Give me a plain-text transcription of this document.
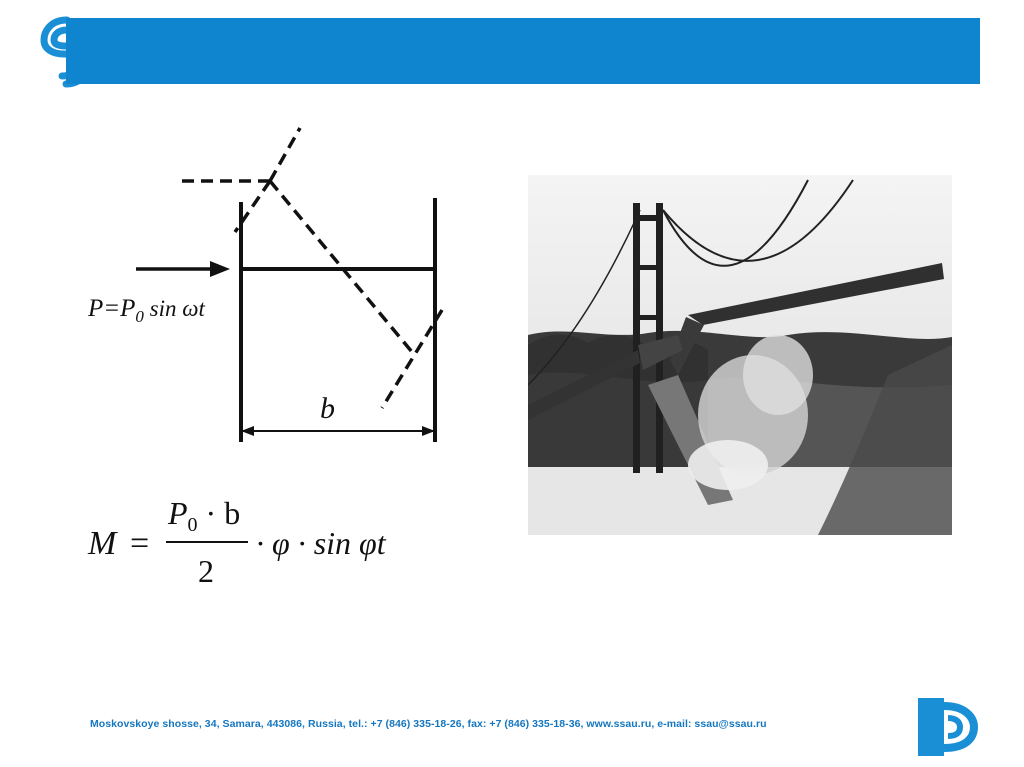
$P=P_0$ sin ωt
b
M =
$P_0 \cdot b$
2
· φ · sin φt
Moskovskoye shosse, 34, Samara, 443086, Russia, tel.: +7 (846) 335-18-26, fax: +7 (846) 335-18-36, www.ssau.ru, e-mail: ssau@ssau.ru
